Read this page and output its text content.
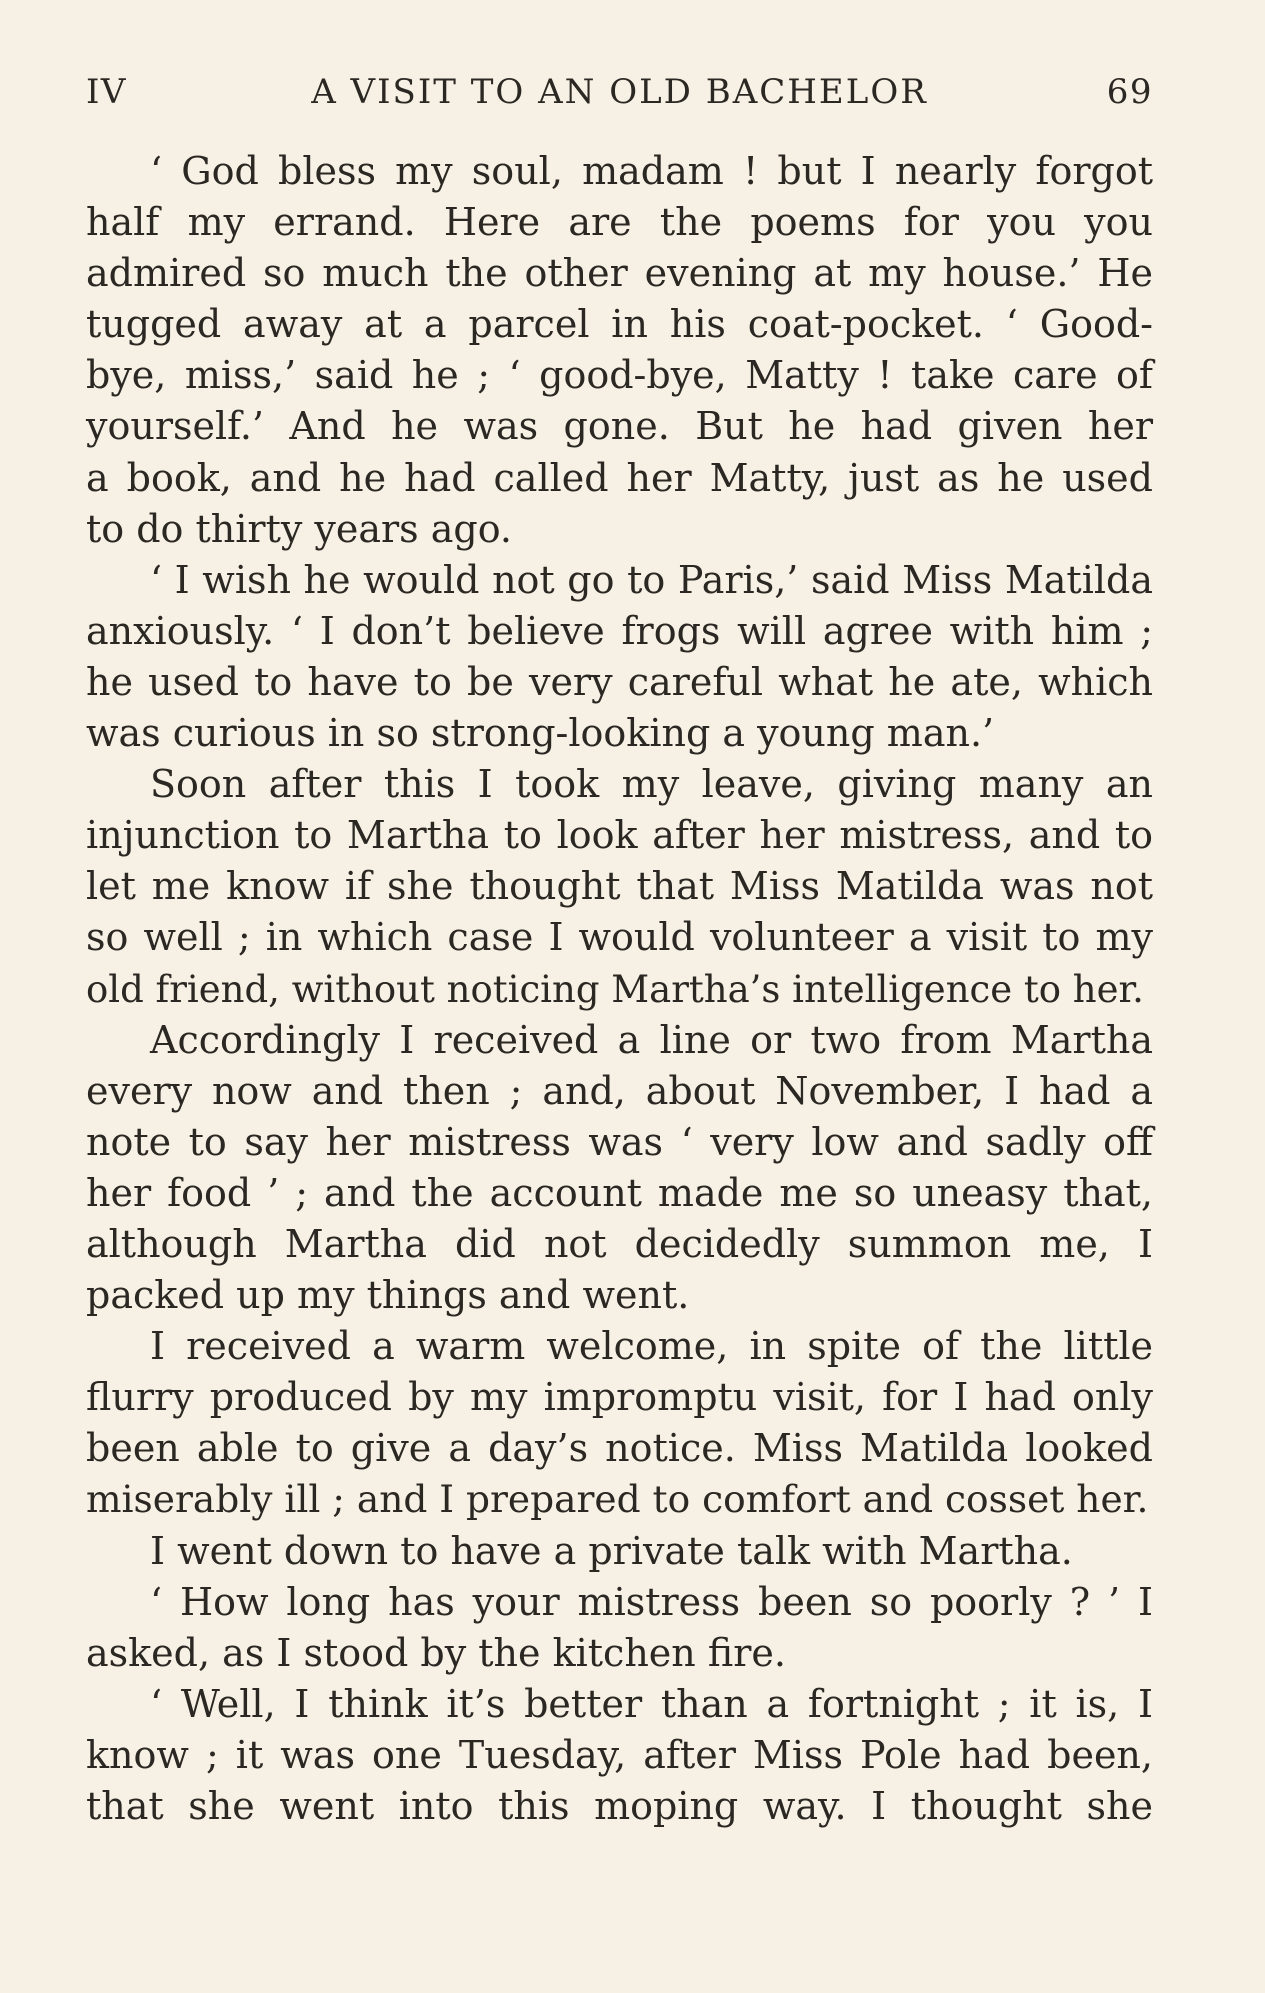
IV	A VISIT TO AN OLD BACHELOR	69
‘ God bless my soul, madam ! but I nearly forgot
half my errand. Here are the poems for you you
admired so much the other evening at my house.’ He
tugged away at a parcel in his coat-pocket. ‘ Good-
bye, miss,’ said he ; ‘ good-bye, Matty ! take care of
yourself.’ And he was gone. But he had given her
a book, and he had called her Matty, just as he used
to do thirty years ago.
‘ I wish he would not go to Paris,’ said Miss Matilda
anxiously. ‘ I don’t believe frogs will agree with him ;
he used to have to be very careful what he ate, which
was curious in so strong-looking a young man.’
Soon after this I took my leave, giving many an
injunction to Martha to look after her mistress, and to
let me know if she thought that Miss Matilda was not
so well ; in which case I would volunteer a visit to my
old friend, without noticing Martha’s intelligence to her.
Accordingly I received a line or two from Martha
every now and then ; and, about November, I had a
note to say her mistress was ‘ very low and sadly off
her food ’ ; and the account made me so uneasy that,
although Martha did not decidedly summon me, I
packed up my things and went.
I received a warm welcome, in spite of the little
flurry produced by my impromptu visit, for I had only
been able to give a day’s notice. Miss Matilda looked
miserably ill ; and I prepared to comfort and cosset her.
I went down to have a private talk with Martha.
‘ How long has your mistress been so poorly ? ’ I
asked, as I stood by the kitchen fire.
‘ Well, I think it’s better than a fortnight ; it is, I
know ; it was one Tuesday, after Miss Pole had been,
that she went into this moping way. I thought she
